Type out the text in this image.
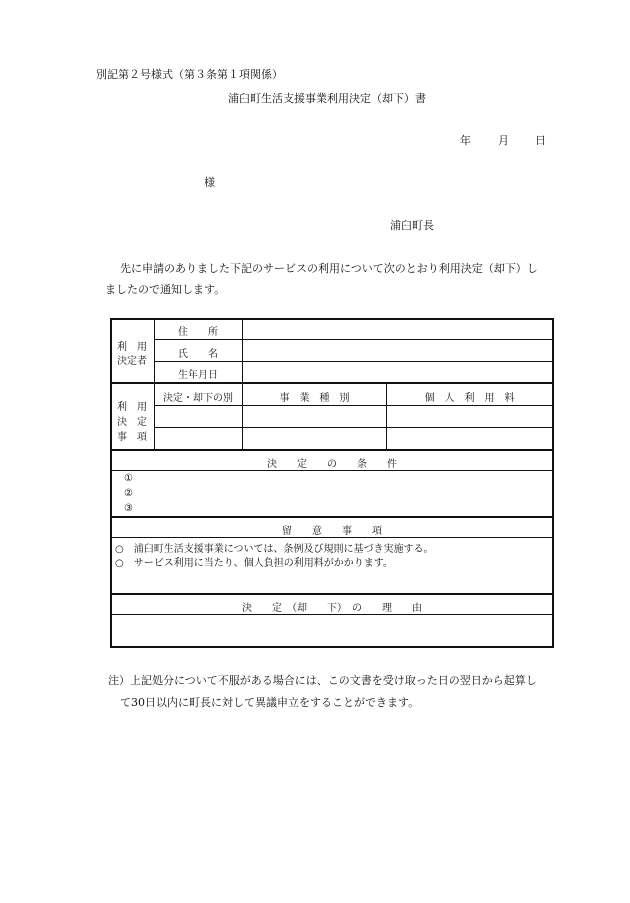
別記第２号様式（第３条第１項関係）
浦臼町生活支援事業利用決定（却下）書
年 月 日
様
浦臼町長
先に申請のありました下記のサービスの利用について次のとおり利用決定（却下）し
ましたので通知します。
利　用
決定者
住　　所
氏　　名
生年月日
利　用
決　定
事　項
決定・却下の別	事　業　種　別	個　人　利　用　料
決　　定　　の　　条　　件
①
②
③
留　　意　　事　　項
○　浦臼町生活支援事業については、条例及び規則に基づき実施する。
○　サービス利用に当たり、個人負担の利用料がかかります。
決　　定　（却　　下）　の　　理　　由
注）上記処分について不服がある場合には、この文書を受け取った日の翌日から起算し
て30日以内に町長に対して異議申立をすることができます。
